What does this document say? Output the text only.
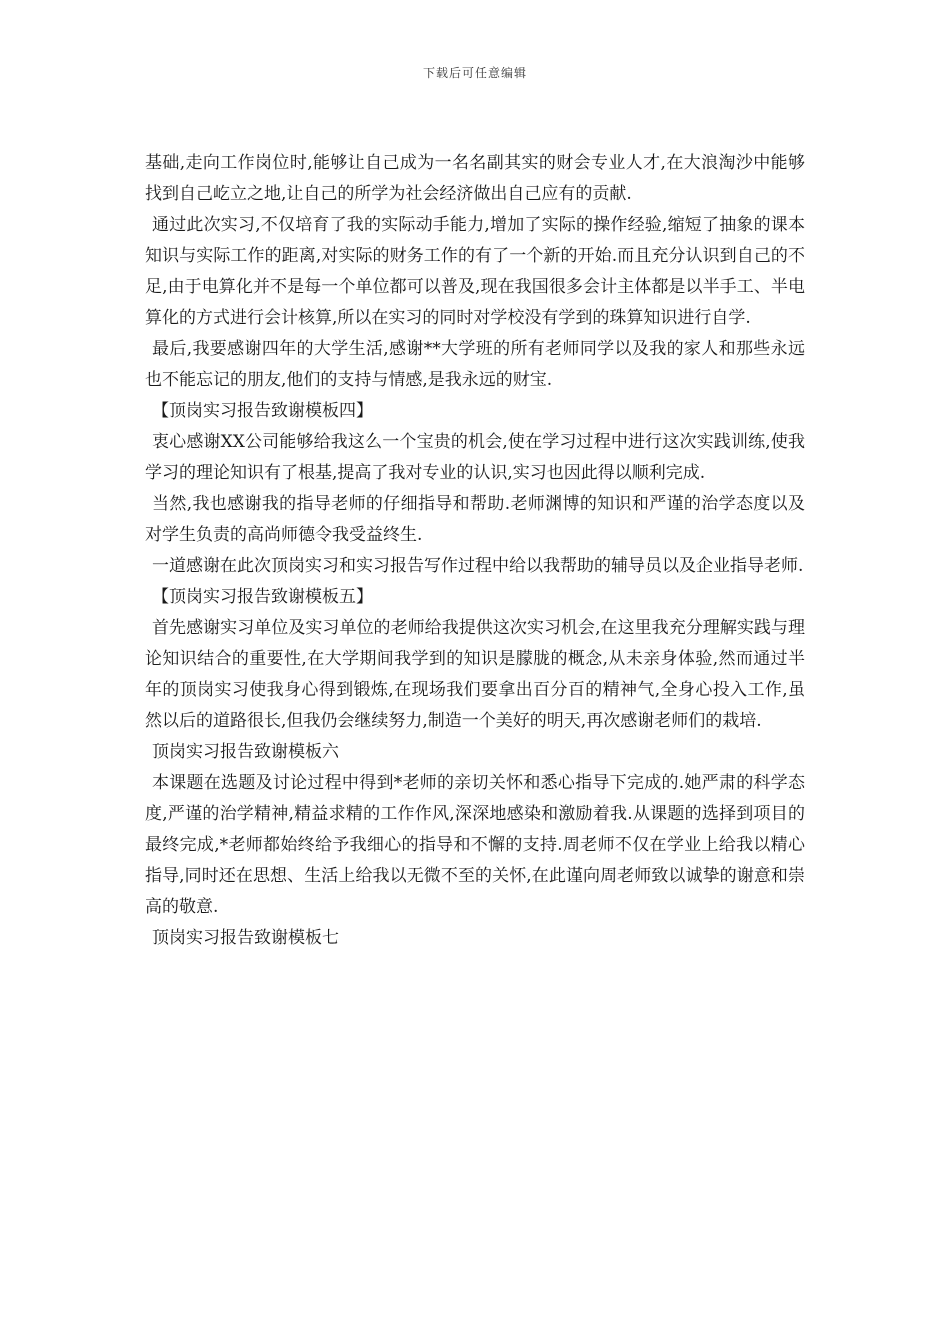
下载后可任意编辑

基础,走向工作岗位时,能够让自己成为一名名副其实的财会专业人才,在大浪淘沙中能够找到自己屹立之地,让自己的所学为社会经济做出自己应有的贡献.

通过此次实习,不仅培育了我的实际动手能力,增加了实际的操作经验,缩短了抽象的课本知识与实际工作的距离,对实际的财务工作的有了一个新的开始.而且充分认识到自己的不足,由于电算化并不是每一个单位都可以普及,现在我国很多会计主体都是以半手工、半电算化的方式进行会计核算,所以在实习的同时对学校没有学到的珠算知识进行自学.

最后,我要感谢四年的大学生活,感谢**大学班的所有老师同学以及我的家人和那些永远也不能忘记的朋友,他们的支持与情感,是我永远的财宝.

【顶岗实习报告致谢模板四】

衷心感谢XX公司能够给我这么一个宝贵的机会,使在学习过程中进行这次实践训练,使我学习的理论知识有了根基,提高了我对专业的认识,实习也因此得以顺利完成.

当然,我也感谢我的指导老师的仔细指导和帮助.老师渊博的知识和严谨的治学态度以及对学生负责的高尚师德令我受益终生.

一道感谢在此次顶岗实习和实习报告写作过程中给以我帮助的辅导员以及企业指导老师.

【顶岗实习报告致谢模板五】

首先感谢实习单位及实习单位的老师给我提供这次实习机会,在这里我充分理解实践与理论知识结合的重要性,在大学期间我学到的知识是朦胧的概念,从未亲身体验,然而通过半年的顶岗实习使我身心得到锻炼,在现场我们要拿出百分百的精神气,全身心投入工作,虽然以后的道路很长,但我仍会继续努力,制造一个美好的明天,再次感谢老师们的栽培.

顶岗实习报告致谢模板六

本课题在选题及讨论过程中得到*老师的亲切关怀和悉心指导下完成的.她严肃的科学态度,严谨的治学精神,精益求精的工作作风,深深地感染和激励着我.从课题的选择到项目的最终完成,*老师都始终给予我细心的指导和不懈的支持.周老师不仅在学业上给我以精心指导,同时还在思想、生活上给我以无微不至的关怀,在此谨向周老师致以诚挚的谢意和崇高的敬意.

顶岗实习报告致谢模板七
